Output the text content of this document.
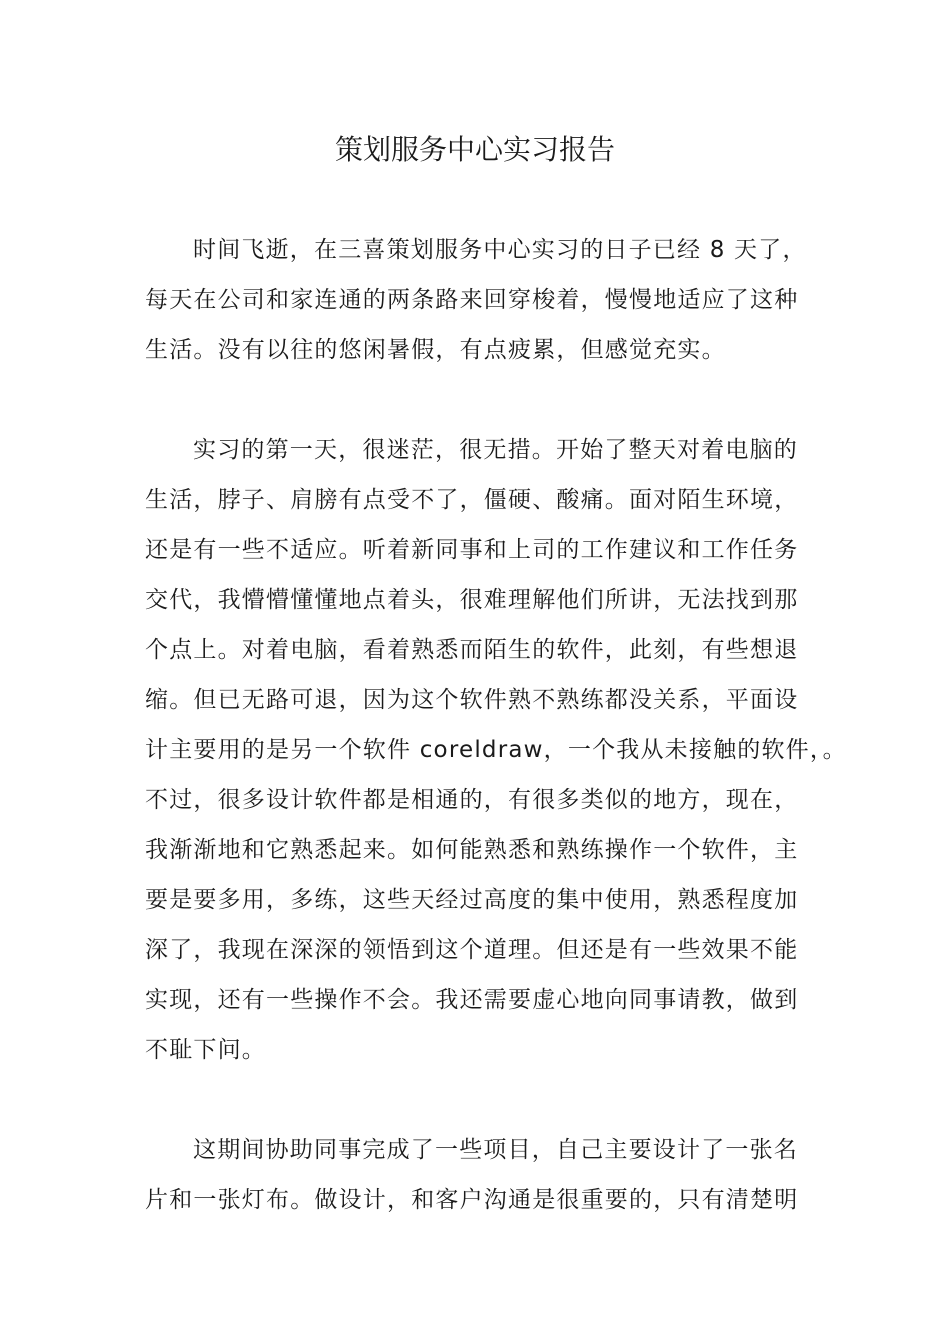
策划服务中心实习报告

时间飞逝，在三喜策划服务中心实习的日子已经 8 天了，

每天在公司和家连通的两条路来回穿梭着，慢慢地适应了这种

生活。没有以往的悠闲暑假，有点疲累，但感觉充实。

实习的第一天，很迷茫，很无措。开始了整天对着电脑的

生活，脖子、肩膀有点受不了，僵硬、酸痛。面对陌生环境，

还是有一些不适应。听着新同事和上司的工作建议和工作任务

交代，我懵懵懂懂地点着头，很难理解他们所讲，无法找到那

个点上。对着电脑，看着熟悉而陌生的软件，此刻，有些想退

缩。但已无路可退，因为这个软件熟不熟练都没关系，平面设

计主要用的是另一个软件 coreldraw，一个我从未接触的软件，。

不过，很多设计软件都是相通的，有很多类似的地方，现在，

我渐渐地和它熟悉起来。如何能熟悉和熟练操作一个软件，主

要是要多用，多练，这些天经过高度的集中使用，熟悉程度加

深了，我现在深深的领悟到这个道理。但还是有一些效果不能

实现，还有一些操作不会。我还需要虚心地向同事请教，做到

不耻下问。

这期间协助同事完成了一些项目，自己主要设计了一张名

片和一张灯布。做设计，和客户沟通是很重要的，只有清楚明
